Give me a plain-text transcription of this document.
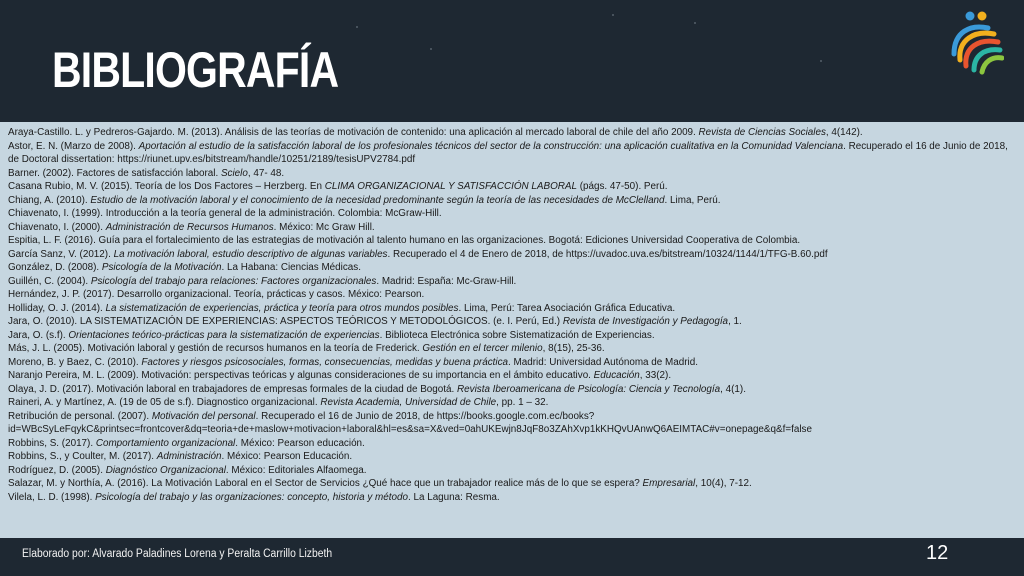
BIBLIOGRAFÍA
Araya-Castillo. L. y Pedreros-Gajardo. M. (2013). Análisis de las teorías de motivación de contenido: una aplicación al mercado laboral de chile del año 2009. Revista de Ciencias Sociales, 4(142).
Astor, E. N. (Marzo de 2008). Aportación al estudio de la satisfacción laboral de los profesionales técnicos del sector de la construcción: una aplicación cualitativa en la Comunidad Valenciana. Recuperado el 16 de Junio de 2018, de Doctoral dissertation: https://riunet.upv.es/bitstream/handle/10251/2189/tesisUPV2784.pdf
Barner. (2002). Factores de satisfacción laboral. Scielo, 47- 48.
Casana Rubio, M. V. (2015). Teoría de los Dos Factores – Herzberg. En CLIMA ORGANIZACIONAL Y SATISFACCIÓN LABORAL (págs. 47-50). Perú.
Chiang, A. (2010). Estudio de la motivación laboral y el conocimiento de la necesidad predominante según la teoría de las necesidades de McClelland. Lima, Perú.
Chiavenato, I. (1999). Introducción a la teoría general de la administración. Colombia: McGraw-Hill.
Chiavenato, I. (2000). Administración de Recursos Humanos. México: Mc Graw Hill.
Espitia, L. F. (2016). Guía para el fortalecimiento de las estrategias de motivación al talento humano en las organizaciones. Bogotá: Ediciones Universidad Cooperativa de Colombia.
García Sanz, V. (2012). La motivación laboral, estudio descriptivo de algunas variables. Recuperado el 4 de Enero de 2018, de https://uvadoc.uva.es/bitstream/10324/1144/1/TFG-B.60.pdf
González, D. (2008). Psicología de la Motivación. La Habana: Ciencias Médicas.
Guillén, C. (2004). Psicología del trabajo para relaciones: Factores organizacionales. Madrid: España: Mc-Graw-Hill.
Hernández, J. P. (2017). Desarrollo organizacional. Teoría, prácticas y casos. México: Pearson.
Holliday, O. J. (2014). La sistematización de experiencias, práctica y teoría para otros mundos posibles. Lima, Perú: Tarea Asociación Gráfica Educativa.
Jara, O. (2010). LA SISTEMATIZACIÓN DE EXPERIENCIAS: ASPECTOS TEÓRICOS Y METODOLÓGICOS. (e. I. Perú, Ed.) Revista de Investigación y Pedagogía, 1.
Jara, O. (s.f). Orientaciones teórico-prácticas para la sistematización de experiencias. Biblioteca Electrónica sobre Sistematización de Experiencias.
Más, J. L. (2005). Motivación laboral y gestión de recursos humanos en la teoría de Frederick. Gestión en el tercer milenio, 8(15), 25-36.
Moreno, B. y Baez, C. (2010). Factores y riesgos psicosociales, formas, consecuencias, medidas y buena práctica. Madrid: Universidad Autónoma de Madrid.
Naranjo Pereira, M. L. (2009). Motivación: perspectivas teóricas y algunas consideraciones de su importancia en el ámbito educativo. Educación, 33(2).
Olaya, J. D. (2017). Motivación laboral en trabajadores de empresas formales de la ciudad de Bogotá. Revista Iberoamericana de Psicología: Ciencia y Tecnología, 4(1).
Raineri, A. y Martínez, A. (19 de 05 de s.f). Diagnostico organizacional. Revista Academia, Universidad de Chile, pp. 1 – 32.
Retribución de personal. (2007). Motivación del personal. Recuperado el 16 de Junio de 2018, de https://books.google.com.ec/books?id=WBcSyLeFqykC&printsec=frontcover&dq=teoria+de+maslow+motivacion+laboral&hl=es&sa=X&ved=0ahUKEwjn8JqF8o3ZAhXvp1kKHQvUAnwQ6AEIMTAC#v=onepage&q&f=false
Robbins, S. (2017). Comportamiento organizacional. México: Pearson educación.
Robbins, S., y Coulter, M. (2017). Administración. México: Pearson Educación.
Rodríguez, D. (2005). Diagnóstico Organizacional. México: Editoriales Alfaomega.
Salazar, M. y Northía, A. (2016). La Motivación Laboral en el Sector de Servicios ¿Qué hace que un trabajador realice más de lo que se espera? Empresarial, 10(4), 7-12.
Vilela, L. D. (1998). Psicología del trabajo y las organizaciones: concepto, historia y método. La Laguna: Resma.
Elaborado por: Alvarado Paladines Lorena y Peralta Carrillo Lizbeth	12
